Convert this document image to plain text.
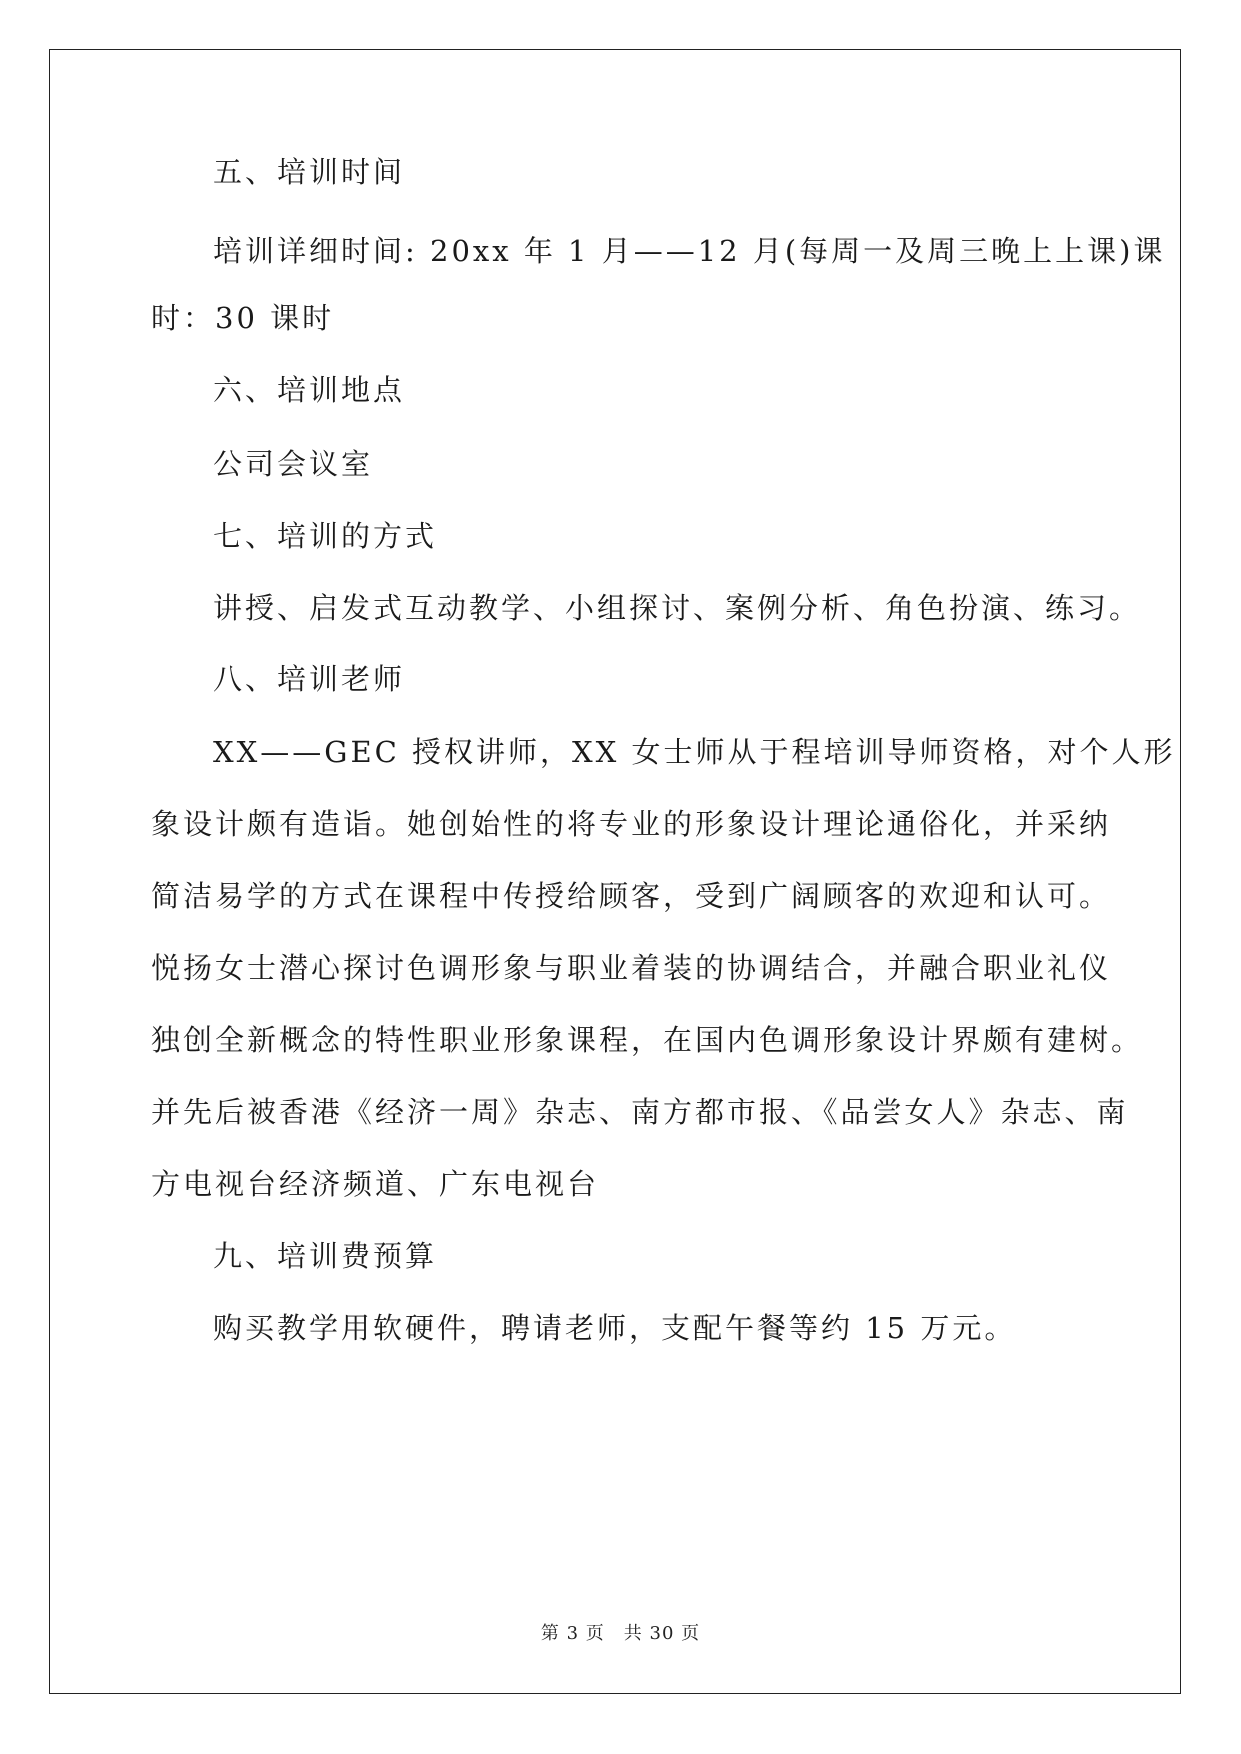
五、培训时间
培训详细时间: 20xx 年 1 月——12 月(每周一及周三晚上上课)课
时：30 课时
六、培训地点
公司会议室
七、培训的方式
讲授、启发式互动教学、小组探讨、案例分析、角色扮演、练习。
八、培训老师
XX——GEC 授权讲师，XX 女士师从于程培训导师资格，对个人形
象设计颇有造诣。她创始性的将专业的形象设计理论通俗化，并采纳
简洁易学的方式在课程中传授给顾客，受到广阔顾客的欢迎和认可。
悦扬女士潜心探讨色调形象与职业着装的协调结合，并融合职业礼仪
独创全新概念的特性职业形象课程，在国内色调形象设计界颇有建树。
并先后被香港《经济一周》杂志、南方都市报、《品尝女人》杂志、南
方电视台经济频道、广东电视台
九、培训费预算
购买教学用软硬件，聘请老师，支配午餐等约 15 万元。
第 3 页　共 30 页
